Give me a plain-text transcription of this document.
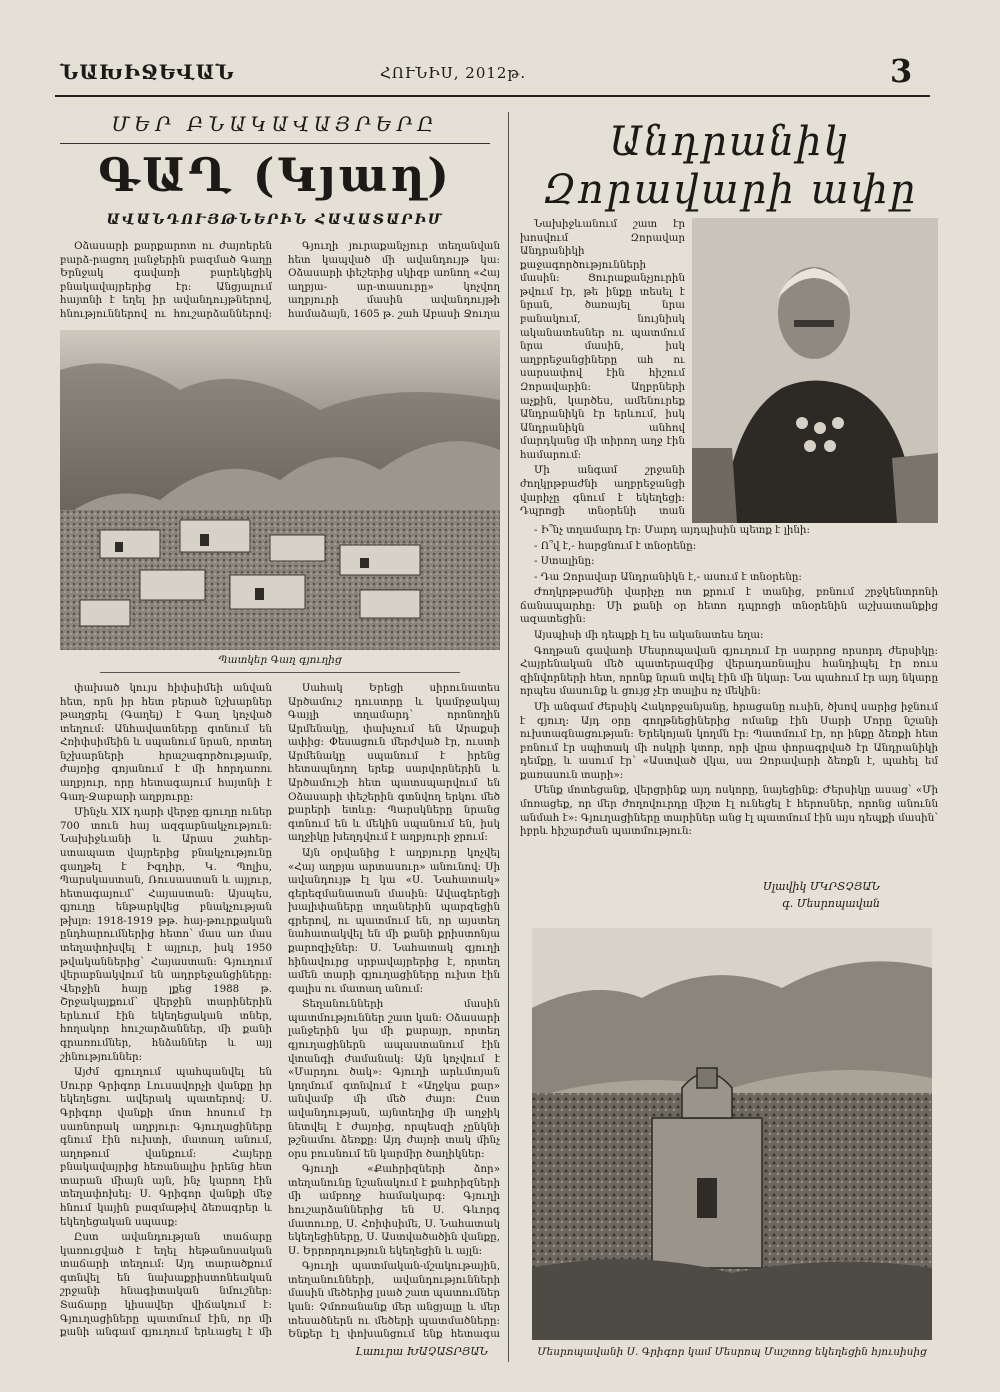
ՆԱԽԻՋԵՎԱՆ	ՀՈՒՆԻՍ, 2012թ.	3
ՄԵՐ ԲՆԱԿԱՎԱՅՐԵՐԸ
ԳԱՂ (Կյաղ)
ԱՎԱՆԴՈՒՅԹՆԵՐԻՆ ՀԱՎԱՏԱՐԻՄ

Օձասարի քարքարոտ ու ժայռերեն բարձ-րացող լանջերին բազմած Գաղը Երնջակ գավառի բարեկեցիկ բնակավայրերից էր: Անցյալում հայտնի է եղել իր ավանդույթներով, հնություններով ու հուշարձաններով:

Գյուղի յուրաքանչյուր տեղանվան հետ կապված մի ավանդույթ կա: Օձասարի փեշերից սկիզբ առնող «Հայ աղբյա- ար-տասուրը» կոչվող աղբյուրի մասին ավանդույթի համաձայն, 1605 թ. շահ Աբասի Ջուղա

Պատկեր Գաղ գյուղից

փախած կույս հիփսիմեի անվան հետ, որն իր հետ բերած նշխարներ թաղցրել (Գաղել) է Գաղ կոչված տեղում: Անհավատները գտնում են Հռիփսիմեին և սպանում նրան, որտեղ նշխարների հրաշագործությամբ, ժայռից գոյանում է մի հորդառու աղբյուր, որը հետագայում հայտնի է Գաղ-Ջաբարի աղբյուրը:

Մինչև XIX դարի վերջը գյուղը ուներ 700 տուն հայ ազգաբնակչություն: Նախիջևանի և Արաս շահեր-ստապատ վայրերից բնակչությունը գաղթել է Իգդիր, Կ. Պոլիս, Պարսկաստան, Ռուսաստան և այլուր, հետագայում՝ Հայաստան: Այսպես, գյուղը ենթարկվեց բնակչության թխլռ: 1918-1919 թթ. հայ-թուրքական ընդհարումներից հետո՝ մաս առ մաս տեղափոխվել է այլուր, իսկ 1950 թվականներից՝ Հայաստան: Գյուղում վերաբնակվում են ադրբեջանցիները: Վերջին հայը լքեց 1988 թ. Շրջակայքում՝ վերջին տարիներին երևում էին եկեղեցական տներ, հողակոր հուշարձաններ, մի քանի գրառումներ, հնձաններ և այլ շինություններ:

Այժմ գյուղում պահպանվել են Սուրբ Գրիգոր Լուսավորչի վանքը իր եկեղեցու ավերակ պատերով: Ս. Գրիգոր վանքի մոտ հոսում էր սառնորակ աղբյուր: Գյուղացիները գնում էին ուխտի, մատաղ անում, աղոթում վանքում: Հայերը բնակավայրից հեռանալիս իրենց հետ տարան միայն այն, ինչ կարող էին տեղափոխել: Ս. Գրիգոր վանքի մեջ հնում կային բազմաթիվ ձեռագրեր և եկեղեցական սպասք:

Ըստ ավանդության տաճարը կառուցված է եղել հեթանոսական տաճարի տեղում: Այդ տարածքում գտնվել են նախաքրիստոնեական շրջանի հնագիտական նմուշներ: Տաճարը կիսավեր վիճակում է: Գյուղացիները պատմում էին, որ մի քանի անգամ գյուղում երևացել է մի

Սահակ Երեցի սիրունատես Արծամուշ դուստրը և կամրջակայ Գայլի տղամարդ՝ որոնողին Արմենակը, փախչում են Արաքսի ափից: Փեսացուն մերժված էր, ուստի Արմենակը սպանում է իրենց հետապնդող երեք սարվորներին և Արծամուշի հետ պատսպարվում են Օձասարի փեշերին գտնվող երկու մեծ քարերի ետևը: Պարսկները նրանց գտնում են և մեկին սպանում են, իսկ աղջիկը խեղդվում է աղբյուրի ջրում:

Այն օրվանից է աղբյուրը կոչվել «Հայ աղբյա արտասուր» անունով: Սի ավանդույթ էլ կա «Ս. Նահատակ» գերեզմանատան մասին: Ավագերեցի խալիփաները տղաներին պարզեցին գրերով, ու պատմում են, որ այստեղ նահատակվել են մի քանի քրիստոնյա քարոզիչներ: Ս. Նահատակ գյուղի հինավուրց սրբավայրերից է, որտեղ ամեն տարի գյուղացիները ուխտ էին գալիս ու մատաղ անում:

Տեղանունների մասին պատմություններ շատ կան: Օձասարի լանջերին կա մի քարայր, որտեղ գյուղացիներն ապաստանում էին վտանգի ժամանակ: Այն կոչվում է «Մարդու ծակ»: Գյուղի արևմտյան կողմում գտնվում է «Աղջկա քար» անվամբ մի մեծ ժայռ: Ըստ ավանդության, այնտեղից մի աղջիկ նետվել է ժայռից, որպեսզի չընկնի թշնամու ձեռքը: Այդ ժայռի տակ մինչ օրս բուսնում են կարմիր ծաղիկներ:

Գյուղի «Քահրիզների ձոր» տեղանունը նշանակում է քահրիզների մի ամբողջ համակարգ: Գյուղի հուշարձաններից են Ս. Գևորգ մատուռը, Ս. Հռիփսիմե, Ս. Նահատակ եկեղեցիները, Ս. Աստվածածին վանքը, Ս. Երրորդություն եկեղեցին և այլն:

Գյուղի պատմական-մշակութային, տեղանունների, ավանդությունների մասին մեծերից լսած շատ պատումներ կան: Չմոռանանք մեր անցյալը և մեր տեսածներն ու մեծերի պատմածները: Ենքեր էլ փոխանցում ենք հետագա

Լաուրա ԽԱՉԱՏՐՅԱՆ
Անդրանիկ
Զորավարի ափը

Նախիջևանում շատ էր խոսվում Զորավար Անդրանիկի քաջագործությունների մասին: Ցուրաքանչյուրին թվում էր, թե ինքը տեսել է նրան, ծառայել նրա բանակում, նույնիսկ ականատեսներ ու պատմում նրա մասին, իսկ աղբրեջանցիները ահ ու սարսափով էին հիշում Զորավարին: Աղբրների աչքին, կարծես, ամենուրեք Անդրանիկն էր երևում, իսկ Անդրանիկն անհով մարդկանց մի տիրող աղջ էին համարում:

Մի անգամ շրջանի ժողկրթբաժնի աղբրեջանցի վարիչը գնում է եկեղեցի: Դպրոցի տնօրենի տան

- Ի՞նչ տղամարդ էր: Մարդ այդպիսին պետք է լինի:

- Ո՞վ է,- հարցնում է տնօրենը:

- Ստալինը:

- Դա Զորավար Անդրանիկն է,- ասում է տնօրենը:

Ժողկրթբաժնի վարիչը ոտ քրում է տանից, բռնում շրջկենտրոնի ճանապարհը: Մի քանի օր հետո դպրոցի տնօրենին աշխատանքից ազատեցին:

Այսպիսի մի դեպքի էլ ես ականատես եղա:

Գողթան գավառի Մեսրոպավան գյուղում էր սարրոց որսորդ ժերսիկը: Հայրենական մեծ պատերազմից վերադառնալիս հանդիպել էր ռուս զինվորների հետ, որոնք նրան տվել էին մի նկար: Նա պահում էր այդ նկարը որպես մասունք և ցույց չէր տալիս ոչ մեկին:

Մի անգամ ժերսիկ Հակոբջանյանը, հրացանը ուսին, ծխով սարից իջնում է գյուղ: Այդ օրը գողթնեցիներից ոմանք էին Սարի Մորը նշանի ուխտագնացության: Երեկոյան կողմն էր: Պատմում էր, որ ինքը ձեռքի հետ բռնում էր սպիտակ մի ոսկրի կտոր, որի վրա փորագրված էր Անդրանիկի դեմքը, և ասում էր՝ «Աստված վկա, սա Զորավարի ձեռքն է, պահել եմ քառասուն տարի»:

Մենք մոտեցանք, վերցրինք այդ ոսկորը, նայեցինք: Ժերսիկը ասաց՝ «Մի մոռացեք, որ մեր ժողովուրդը միշտ էլ ունեցել է հերոսներ, որոնց անունն անմահ է»: Գյուղացիները տարիներ անց էլ պատմում էին այս դեպքի մասին՝ իբրև հիշարժան պատմություն:

Սլավիկ ՄԿՐՏՉՅԱՆ
գ. Մեսրոպավան
Մեսրոպավանի Ս. Գրիգոր կամ Մեսրոպ Մաշտոց եկեղեցին հյուսիսից
